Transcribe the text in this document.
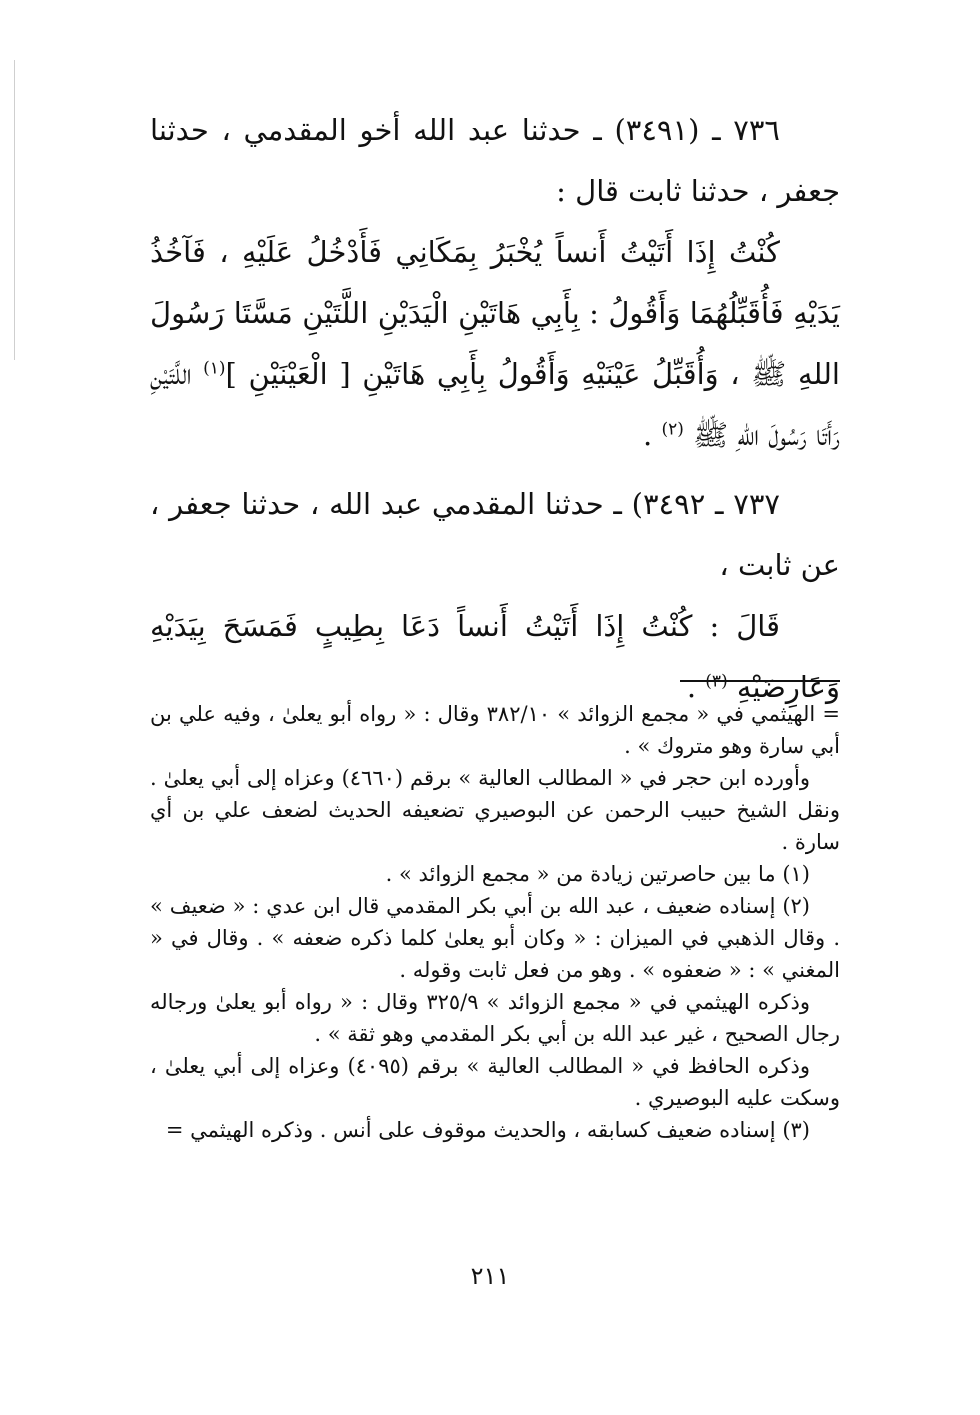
٧٣٦ ـ (٣٤٩١) ـ حدثنا عبد الله أخو المقدمي ، حدثنا جعفر ، حدثنا ثابت قال :

كُنْتُ إِذَا أَتَيْتُ أَنساً يُخْبَرُ بِمَكَانِي فَأَدْخُلُ عَلَيْهِ ، فَآخُذُ يَدَيْهِ فَأُقَبِّلُهُمَا وَأَقُولُ : بِأَبِي هَاتَيْنِ الْيَدَيْنِ اللَّتَيْنِ مَسَّتَا رَسُولَ اللهِ ﷺ ، وَأُقَبِّلُ عَيْنَيْهِ وَأَقُولُ بِأَبِي هَاتَيْنِ [ الْعَيْنَيْنِ ]$^{(١)}$ اللَّتَيْنِ رَأَتَا رَسُولَ اللهِ ﷺ $^{(٢)}$ .

٧٣٧ ـ ٣٤٩٢) ـ حدثنا المقدمي عبد الله ، حدثنا جعفر ، عن ثابت ،

قَالَ : كُنْتُ إِذَا أَتَيْتُ أَنساً دَعَا بِطِيبٍ فَمَسَحَ بِيَدَيْهِ وَعَارِضَيْهِ $^{(٣)}$ .

= الهيثمي في « مجمع الزوائد » ٣٨٢/١٠ وقال : « رواه أبو يعلىٰ ، وفيه علي بن أبي سارة وهو متروك » .

وأورده ابن حجر في « المطالب العالية » برقم (٤٦٦٠) وعزاه إلى أبي يعلىٰ . ونقل الشيخ حبيب الرحمن عن البوصيري تضعيفه الحديث لضعف علي بن أي سارة .

(١) ما بين حاصرتين زيادة من « مجمع الزوائد » .

(٢) إسناده ضعيف ، عبد الله بن أبي بكر المقدمي قال ابن عدي : « ضعيف » . وقال الذهبي في الميزان : « وكان أبو يعلىٰ كلما ذكره ضعفه » . وقال في « المغني » : « ضعفوه » . وهو من فعل ثابت وقوله .

وذكره الهيثمي في « مجمع الزوائد » ٣٢٥/٩ وقال : « رواه أبو يعلىٰ ورجاله رجال الصحيح ، غير عبد الله بن أبي بكر المقدمي وهو ثقة » .

وذكره الحافظ في « المطالب العالية » برقم (٤٠٩٥) وعزاه إلى أبي يعلىٰ ، وسكت عليه البوصيري .

(٣) إسناده ضعيف كسابقه ، والحديث موقوف على أنس . وذكره الهيثمي =

٢١١
